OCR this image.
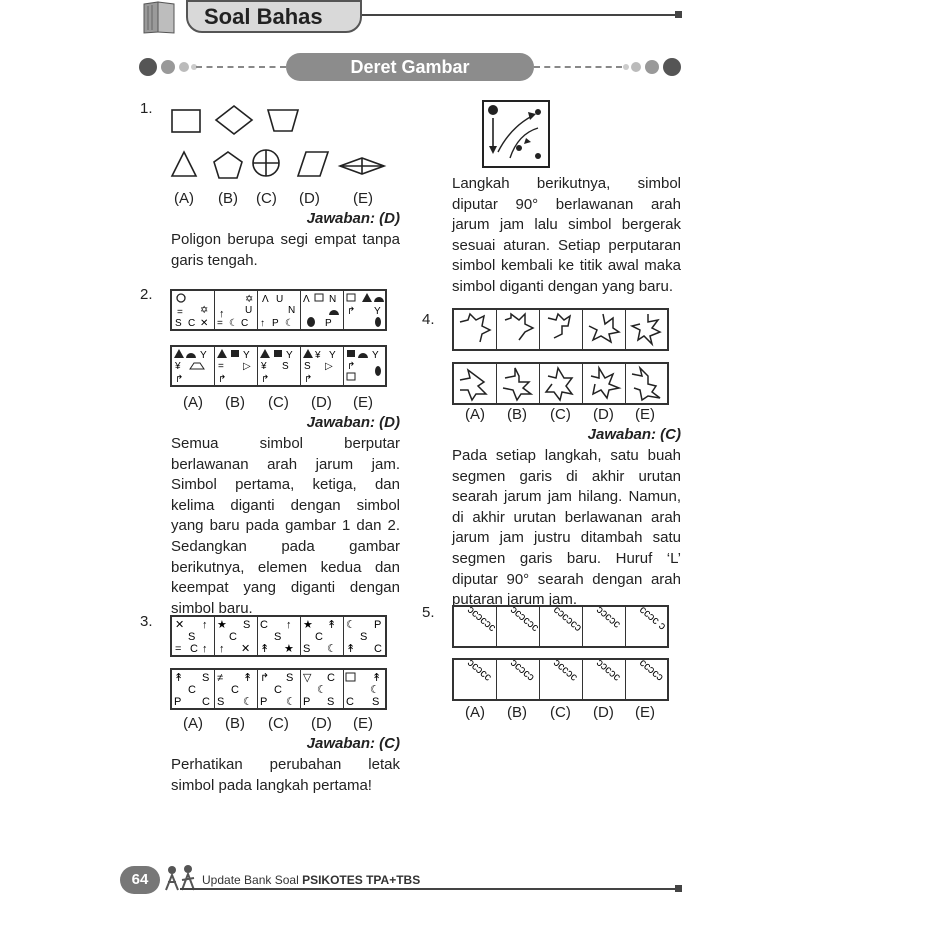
Soal Bahas
Deret Gambar
1.
(A) (B) (C) (D) (E)
Jawaban: (D)
Poligon berupa segi empat tanpa garis tengah.
2.
=
S C ✕
✡
✡
U
↑
= ☾ C
Λ U
N
↑ P ☾
Λ N
P
↱ Y
Y
¥
↱
Y
= ▷
↱
Y
¥ S
↱
¥ Y
S ▷
↱
Y
↱
(A) (B) (C) (D) (E)
Jawaban: (D)
Semua simbol berputar berlawanan arah jarum jam. Simbol pertama, ketiga, dan kelima diganti dengan simbol yang baru pada gambar 1 dan 2. Sedangkan pada gambar berikutnya, elemen kedua dan keempat yang diganti dengan simbol baru.
3. ✕ ↑
S
= C ↑
★ S
C
↑ ✕
C ↑
S
↟ ★
★ ↟
C
S ☾
☾ P
S
↟ C
↟ S
C
P C
≠ ↟
C
S ☾
↱ S
C
P ☾
▽ C
☾
P S
↟
☾
C S
(A) (B) (C) (D) (E)
Jawaban: (C)
Perhatikan perubahan letak simbol pada langkah pertama!
Langkah berikutnya, simbol diputar 90° berlawanan arah jarum jam lalu simbol bergerak sesuai aturan. Setiap perputaran simbol kembali ke titik awal maka simbol diganti dengan yang baru.
4.
(A) (B) (C) (D) (E)
Jawaban: (C)
Pada setiap langkah, satu buah segmen garis di akhir urutan searah jarum jam hilang. Namun, di akhir urutan berlawanan arah jarum jam justru ditambah satu segmen garis baru. Huruf ‘L’ diputar 90° searah dengan arah putaran jarum jam.
5.	ↄcↄcↄc ↄcↄcↄc cↄcↄcↄ ↄↄcↄc ccↄc ↄ
ↄcↄcc ↄcↄcↄ ↄccↄc ↄↄcↄc ccↄcↄ
(A) (B) (C) (D) (E)
64	Update Bank Soal PSIKOTES TPA+TBS
